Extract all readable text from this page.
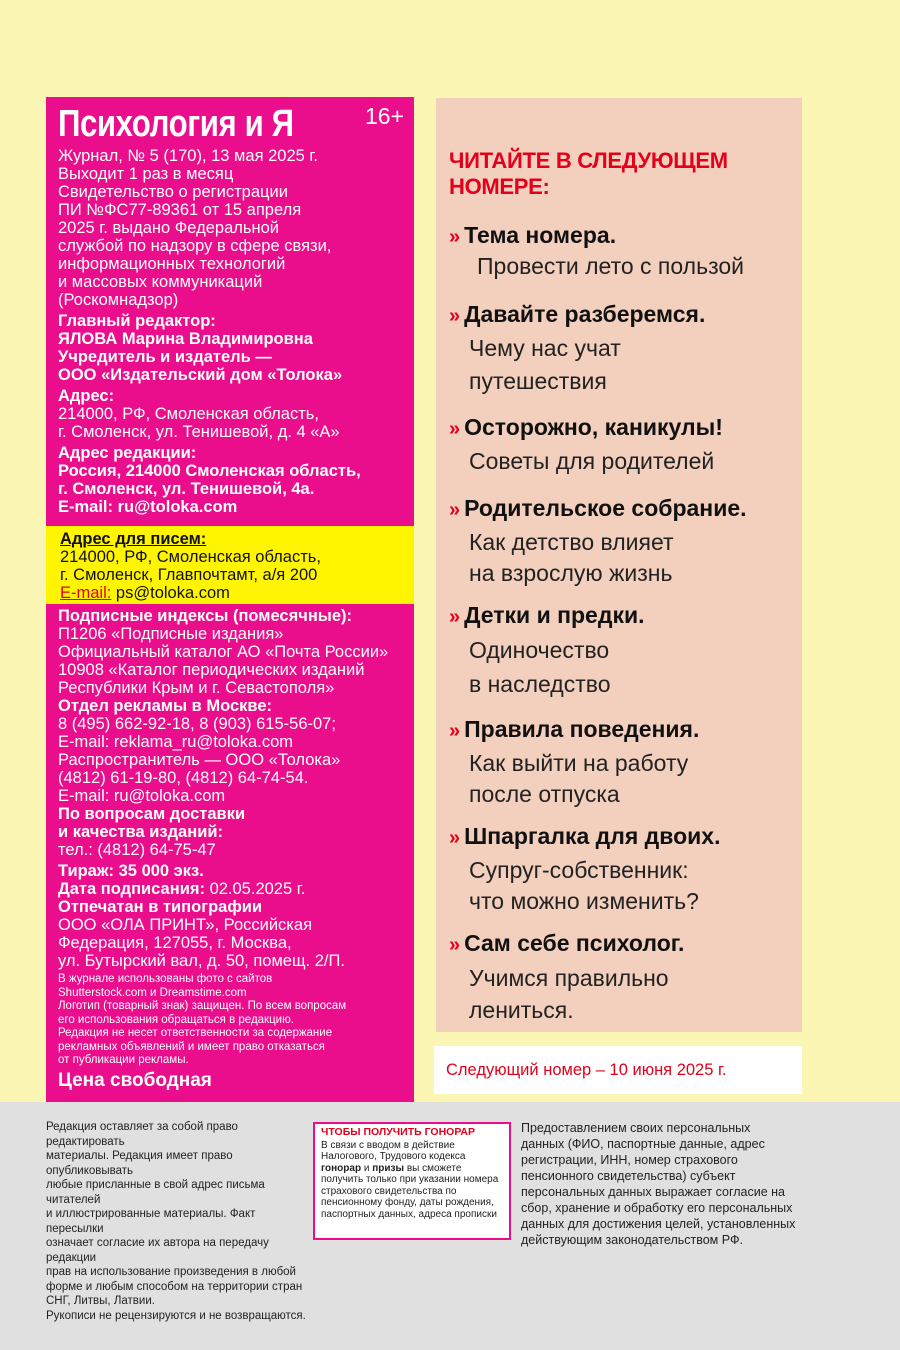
16+
Психология и Я
Журнал, № 5 (170), 13 мая 2025 г.
Выходит 1 раз в месяц
Свидетельство о регистрации
ПИ №ФС77-89361 от 15 апреля
2025 г. выдано Федеральной
службой по надзору в сфере связи,
информационных технологий
и массовых коммуникаций
(Роскомнадзор)
Главный редактор:
ЯЛОВА Марина Владимировна
Учредитель и издатель —
ООО «Издательский дом «Толока»
Адрес:
214000, РФ, Смоленская область,
г. Смоленск, ул. Тенишевой, д. 4 «А»
Адрес редакции:
Россия, 214000 Смоленская область,
г. Смоленск, ул. Тенишевой, 4а.
E-mail: ru@toloka.com
Адрес для писем:
214000, РФ, Смоленская область,
г. Смоленск, Главпочтамт, а/я 200
E-mail: ps@toloka.com
Подписные индексы (помесячные):
П1206 «Подписные издания»
Официальный каталог АО «Почта России»
10908 «Каталог периодических изданий
Республики Крым и г. Севастополя»
Отдел рекламы в Москве:
8 (495) 662-92-18, 8 (903) 615-56-07;
E-mail: reklama_ru@toloka.com
Распространитель — ООО «Толока»
(4812) 61-19-80, (4812) 64-74-54.
E-mail: ru@toloka.com
По вопросам доставки
и качества изданий:
тел.: (4812) 64-75-47
Тираж: 35 000 экз.
Дата подписания: 02.05.2025 г.
Отпечатан в типографии
ООО «ОЛА ПРИНТ», Российская
Федерация, 127055, г. Москва,
ул. Бутырский вал, д. 50, помещ. 2/П.
В журнале использованы фото с сайтов
Shutterstock.com и Dreamstime.com
Логотип (товарный знак) защищен. По всем вопросам
его использования обращаться в редакцию.
Редакция не несет ответственности за содержание
рекламных объявлений и имеет право отказаться
от публикации рекламы.
Цена свободная
ЧИТАЙТЕ В СЛЕДУЮЩЕМ
НОМЕРЕ:
» Тема номера.
Провести лето с пользой
» Давайте разберемся.
Чему нас учат
путешествия
» Осторожно, каникулы!
Советы для родителей
» Родительское собрание.
Как детство влияет
на взрослую жизнь
» Детки и предки.
Одиночество
в наследство
» Правила поведения.
Как выйти на работу
после отпуска
» Шпаргалка для двоих.
Супруг-собственник:
что можно изменить?
» Сам себе психолог.
Учимся правильно
лениться.
Следующий номер – 10 июня 2025 г.
Редакция оставляет за собой право редактировать
материалы. Редакция имеет право опубликовывать
любые присланные в свой адрес письма читателей
и иллюстрированные материалы. Факт пересылки
означает согласие их автора на передачу редакции
прав на использование произведения в любой
форме и любым способом на территории стран
СНГ, Литвы, Латвии.
Рукописи не рецензируются и не возвращаются.
ЧТОБЫ ПОЛУЧИТЬ ГОНОРАР
В связи с вводом в действие Налогового, Трудового кодекса гонорар и призы вы сможете получить только при указании номера страхового свидетельства по пенсионному фонду, даты рождения, паспортных данных, адреса прописки
Предоставлением своих персональных
данных (ФИО, паспортные данные, адрес
регистрации, ИНН, номер страхового
пенсионного свидетельства) субъект
персональных данных выражает согласие на
сбор, хранение и обработку его персональных
данных для достижения целей, установленных
действующим законодательством РФ.
